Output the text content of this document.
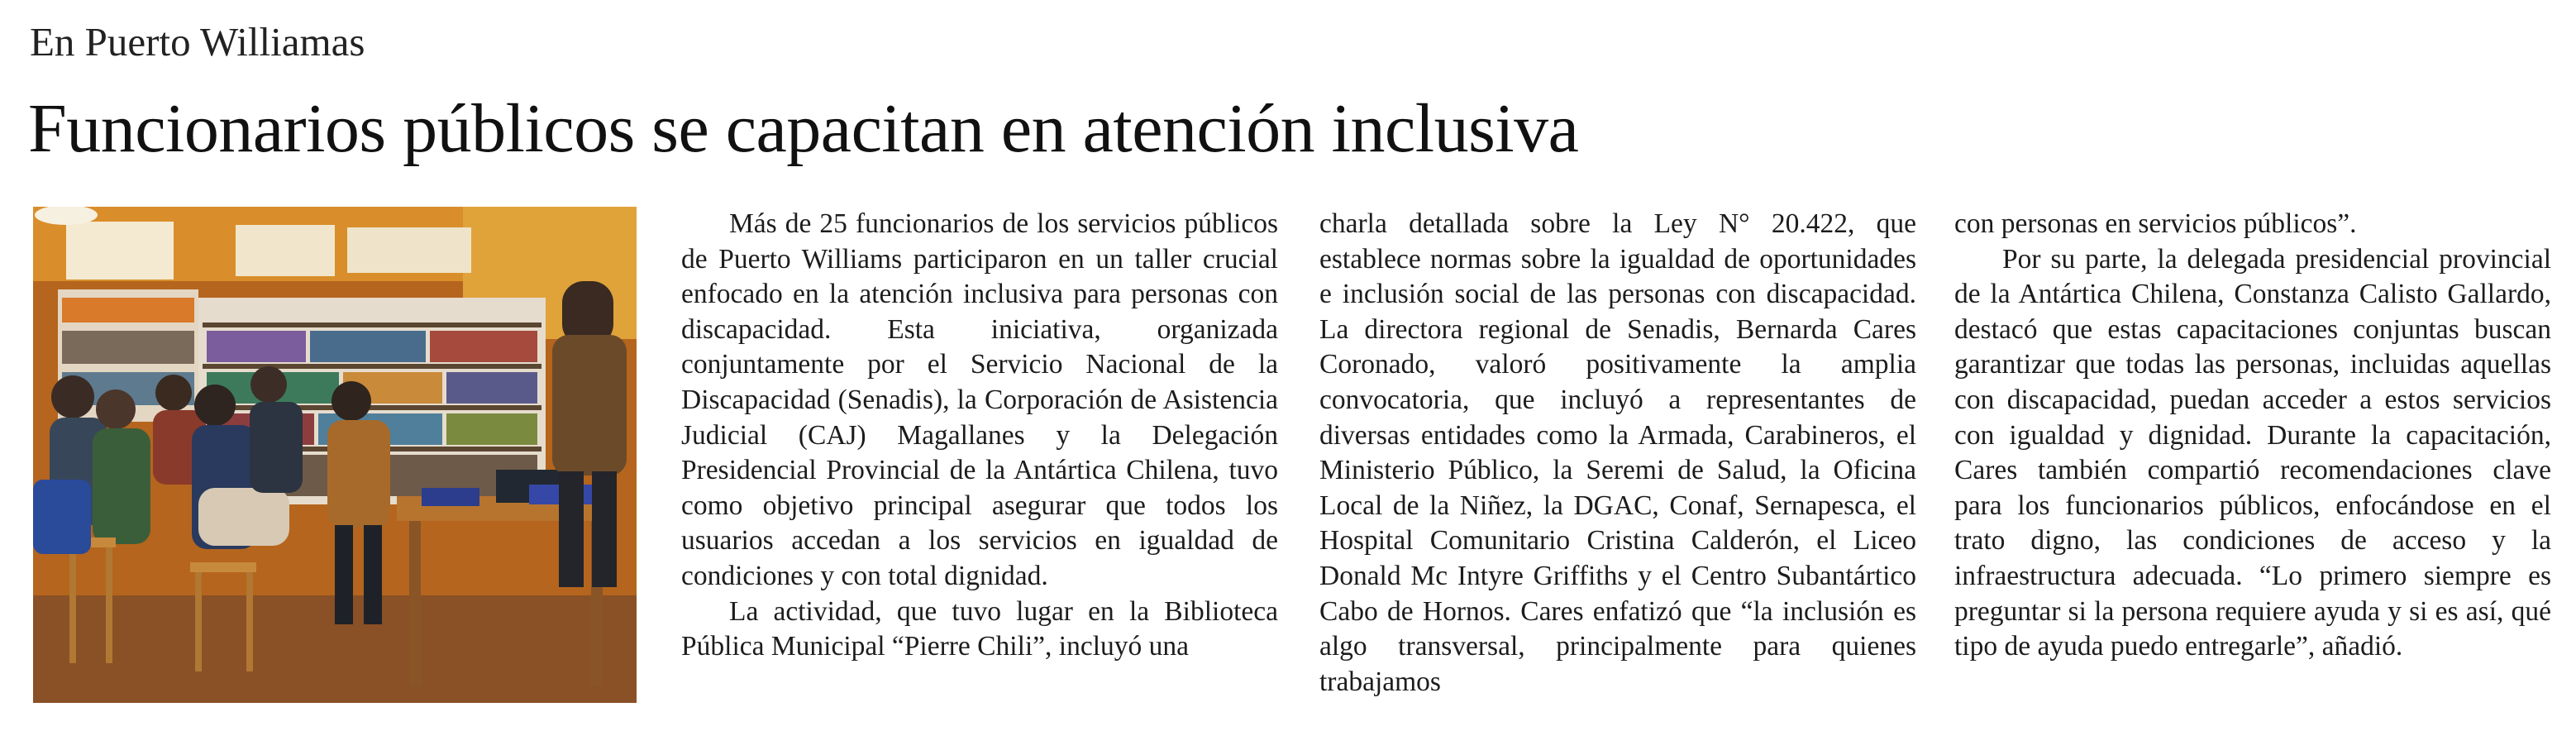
En Puerto Williamas
Funcionarios públicos se capacitan en atención inclusiva

Más de 25 funcionarios de los servicios públicos de Puerto Williams participaron en un taller crucial enfocado en la atención inclusiva para personas con discapacidad. Esta iniciativa, organizada conjuntamente por el Servicio Nacional de la Discapacidad (Senadis), la Corporación de Asistencia Judicial (CAJ) Magallanes y la Delegación Presidencial Provincial de la Antártica Chilena, tuvo como objetivo principal asegurar que todos los usuarios accedan a los servicios en igualdad de condiciones y con total dignidad.

La actividad, que tuvo lugar en la Biblioteca Pública Municipal “Pierre Chili”, incluyó una

charla detallada sobre la Ley N° 20.422, que establece normas sobre la igualdad de oportunidades e inclusión social de las personas con discapacidad. La directora regional de Senadis, Bernarda Cares Coronado, valoró positivamente la amplia convocatoria, que incluyó a representantes de diversas entidades como la Armada, Carabineros, el Ministerio Público, la Seremi de Salud, la Oficina Local de la Niñez, la DGAC, Conaf, Sernapesca, el Hospital Comunitario Cristina Calderón, el Liceo Donald Mc Intyre Griffiths y el Centro Subantártico Cabo de Hornos. Cares enfatizó que “la inclusión es algo transversal, principalmente para quienes trabajamos

con personas en servicios públicos”.

Por su parte, la delegada presidencial provincial de la Antártica Chilena, Constanza Calisto Gallardo, destacó que estas capacitaciones conjuntas buscan garantizar que todas las personas, incluidas aquellas con discapacidad, puedan acceder a estos servicios con igualdad y dignidad. Durante la capacitación, Cares también compartió recomendaciones clave para los funcionarios públicos, enfocándose en el trato digno, las condiciones de acceso y la infraestructura adecuada. “Lo primero siempre es preguntar si la persona requiere ayuda y si es así, qué tipo de ayuda puedo entregarle”, añadió.
